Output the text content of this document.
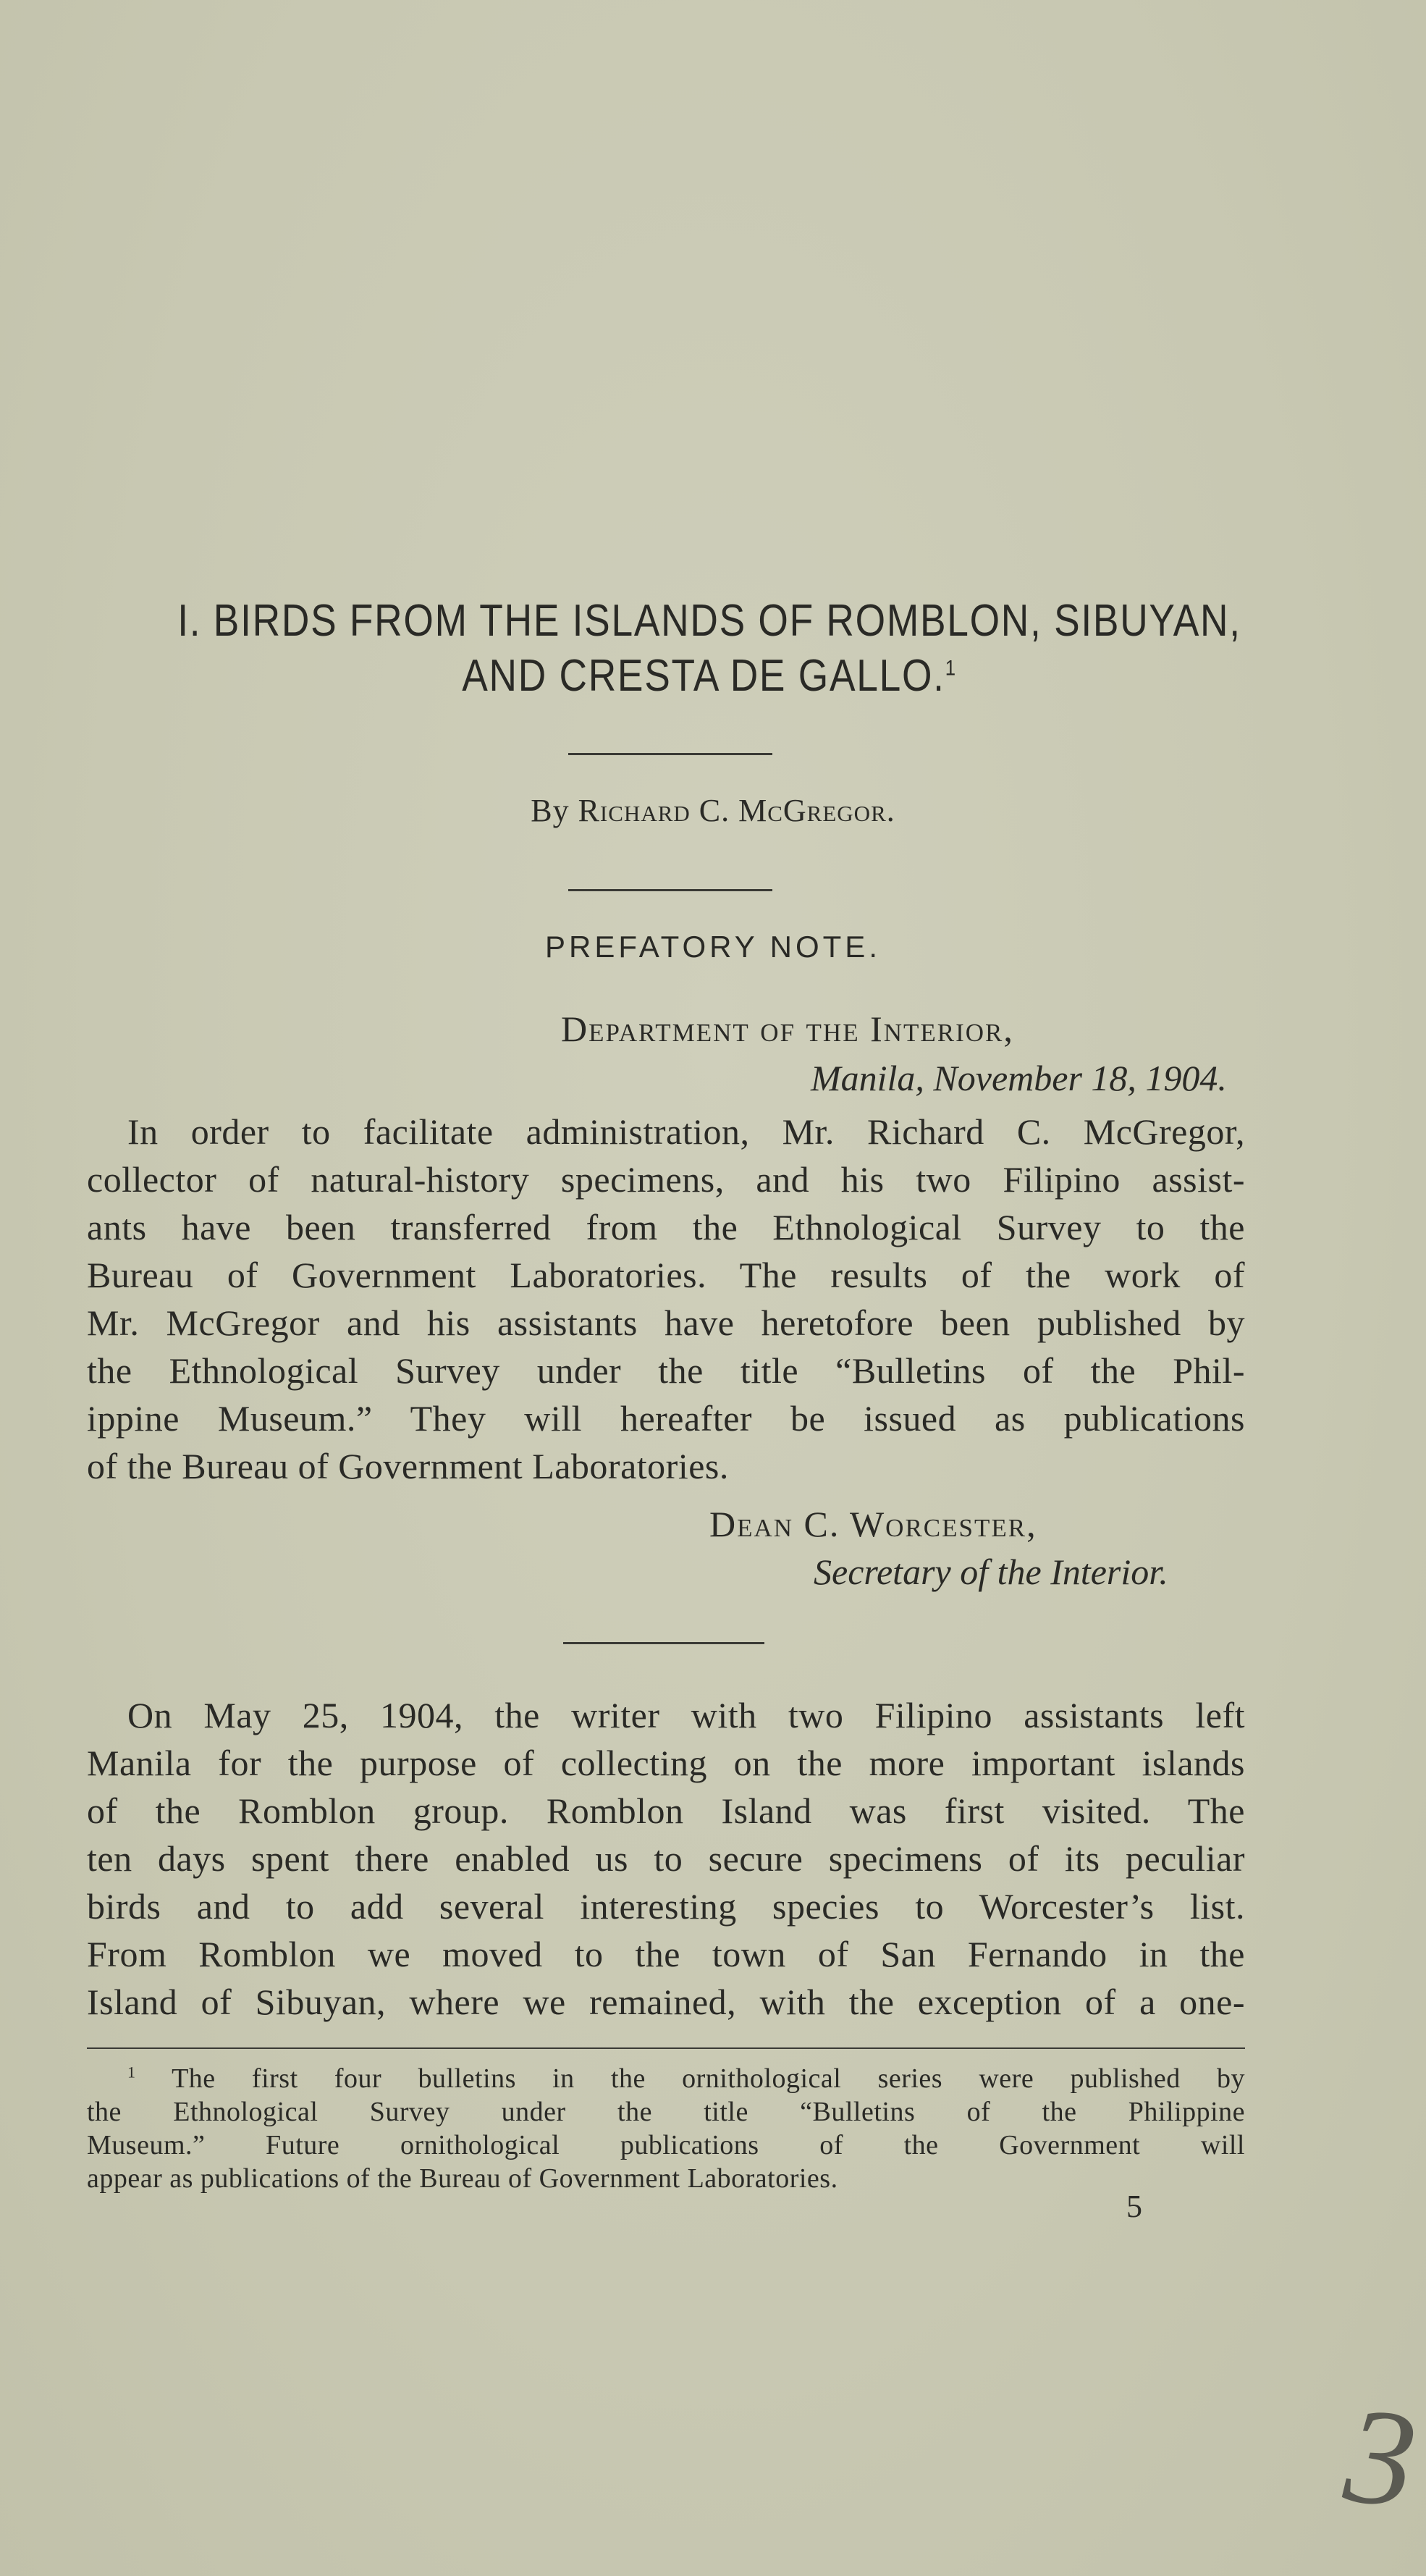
I. BIRDS FROM THE ISLANDS OF ROMBLON, SIBUYAN,
AND CRESTA DE GALLO.$^1$
By Richard C. McGregor.
PREFATORY NOTE.
Department of the Interior,
Manila, November 18, 1904.
In order to facilitate administration, Mr. Richard C. McGregor,
collector of natural-history specimens, and his two Filipino assist-
ants have been transferred from the Ethnological Survey to the
Bureau of Government Laboratories. The results of the work of
Mr. McGregor and his assistants have heretofore been published by
the Ethnological Survey under the title “Bulletins of the Phil-
ippine Museum.” They will hereafter be issued as publications
of the Bureau of Government Laboratories.
Dean C. Worcester,
Secretary of the Interior.
On May 25, 1904, the writer with two Filipino assistants left
Manila for the purpose of collecting on the more important islands
of the Romblon group. Romblon Island was first visited. The
ten days spent there enabled us to secure specimens of its peculiar
birds and to add several interesting species to Worcester’s list.
From Romblon we moved to the town of San Fernando in the
Island of Sibuyan, where we remained, with the exception of a one-
$^1$ The first four bulletins in the ornithological series were published by
the Ethnological Survey under the title “Bulletins of the Philippine
Museum.” Future ornithological publications of the Government will
appear as publications of the Bureau of Government Laboratories.
5
3
